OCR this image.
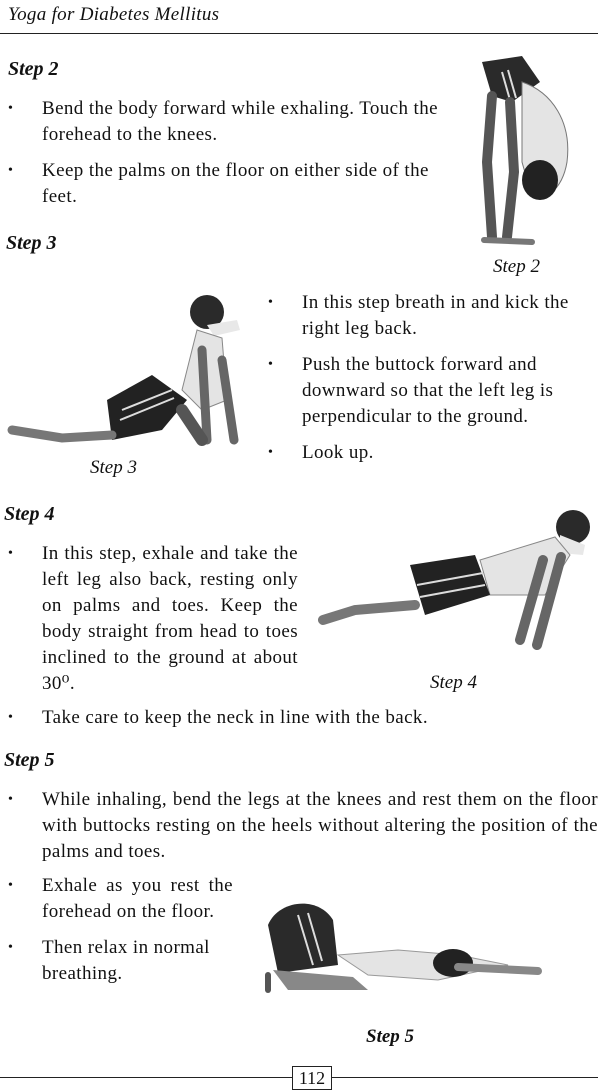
Yoga for Diabetes Mellitus
Step 2
• Bend the body forward while exhaling. Touch the forehead to the knees.
• Keep the palms on the floor on either side of the feet.
Step 2
Step 3
Step 3
• In this step breath in and kick the right leg back.
• Push the buttock forward and downward so that the left leg is perpendicular to the ground.
• Look up.
Step 4
• In this step, exhale and take the left leg also back, resting only on palms and toes. Keep the body straight from head to toes inclined to the ground at about 30⁰.	Step 4
• Take care to keep the neck in line with the back.
Step 5
• While inhaling, bend the legs at the knees and rest them on the floor with buttocks resting on the heels without altering the position of the palms and toes.
• Exhale as you rest the forehead on the floor.
• Then relax in normal breathing.
Step 5
112
